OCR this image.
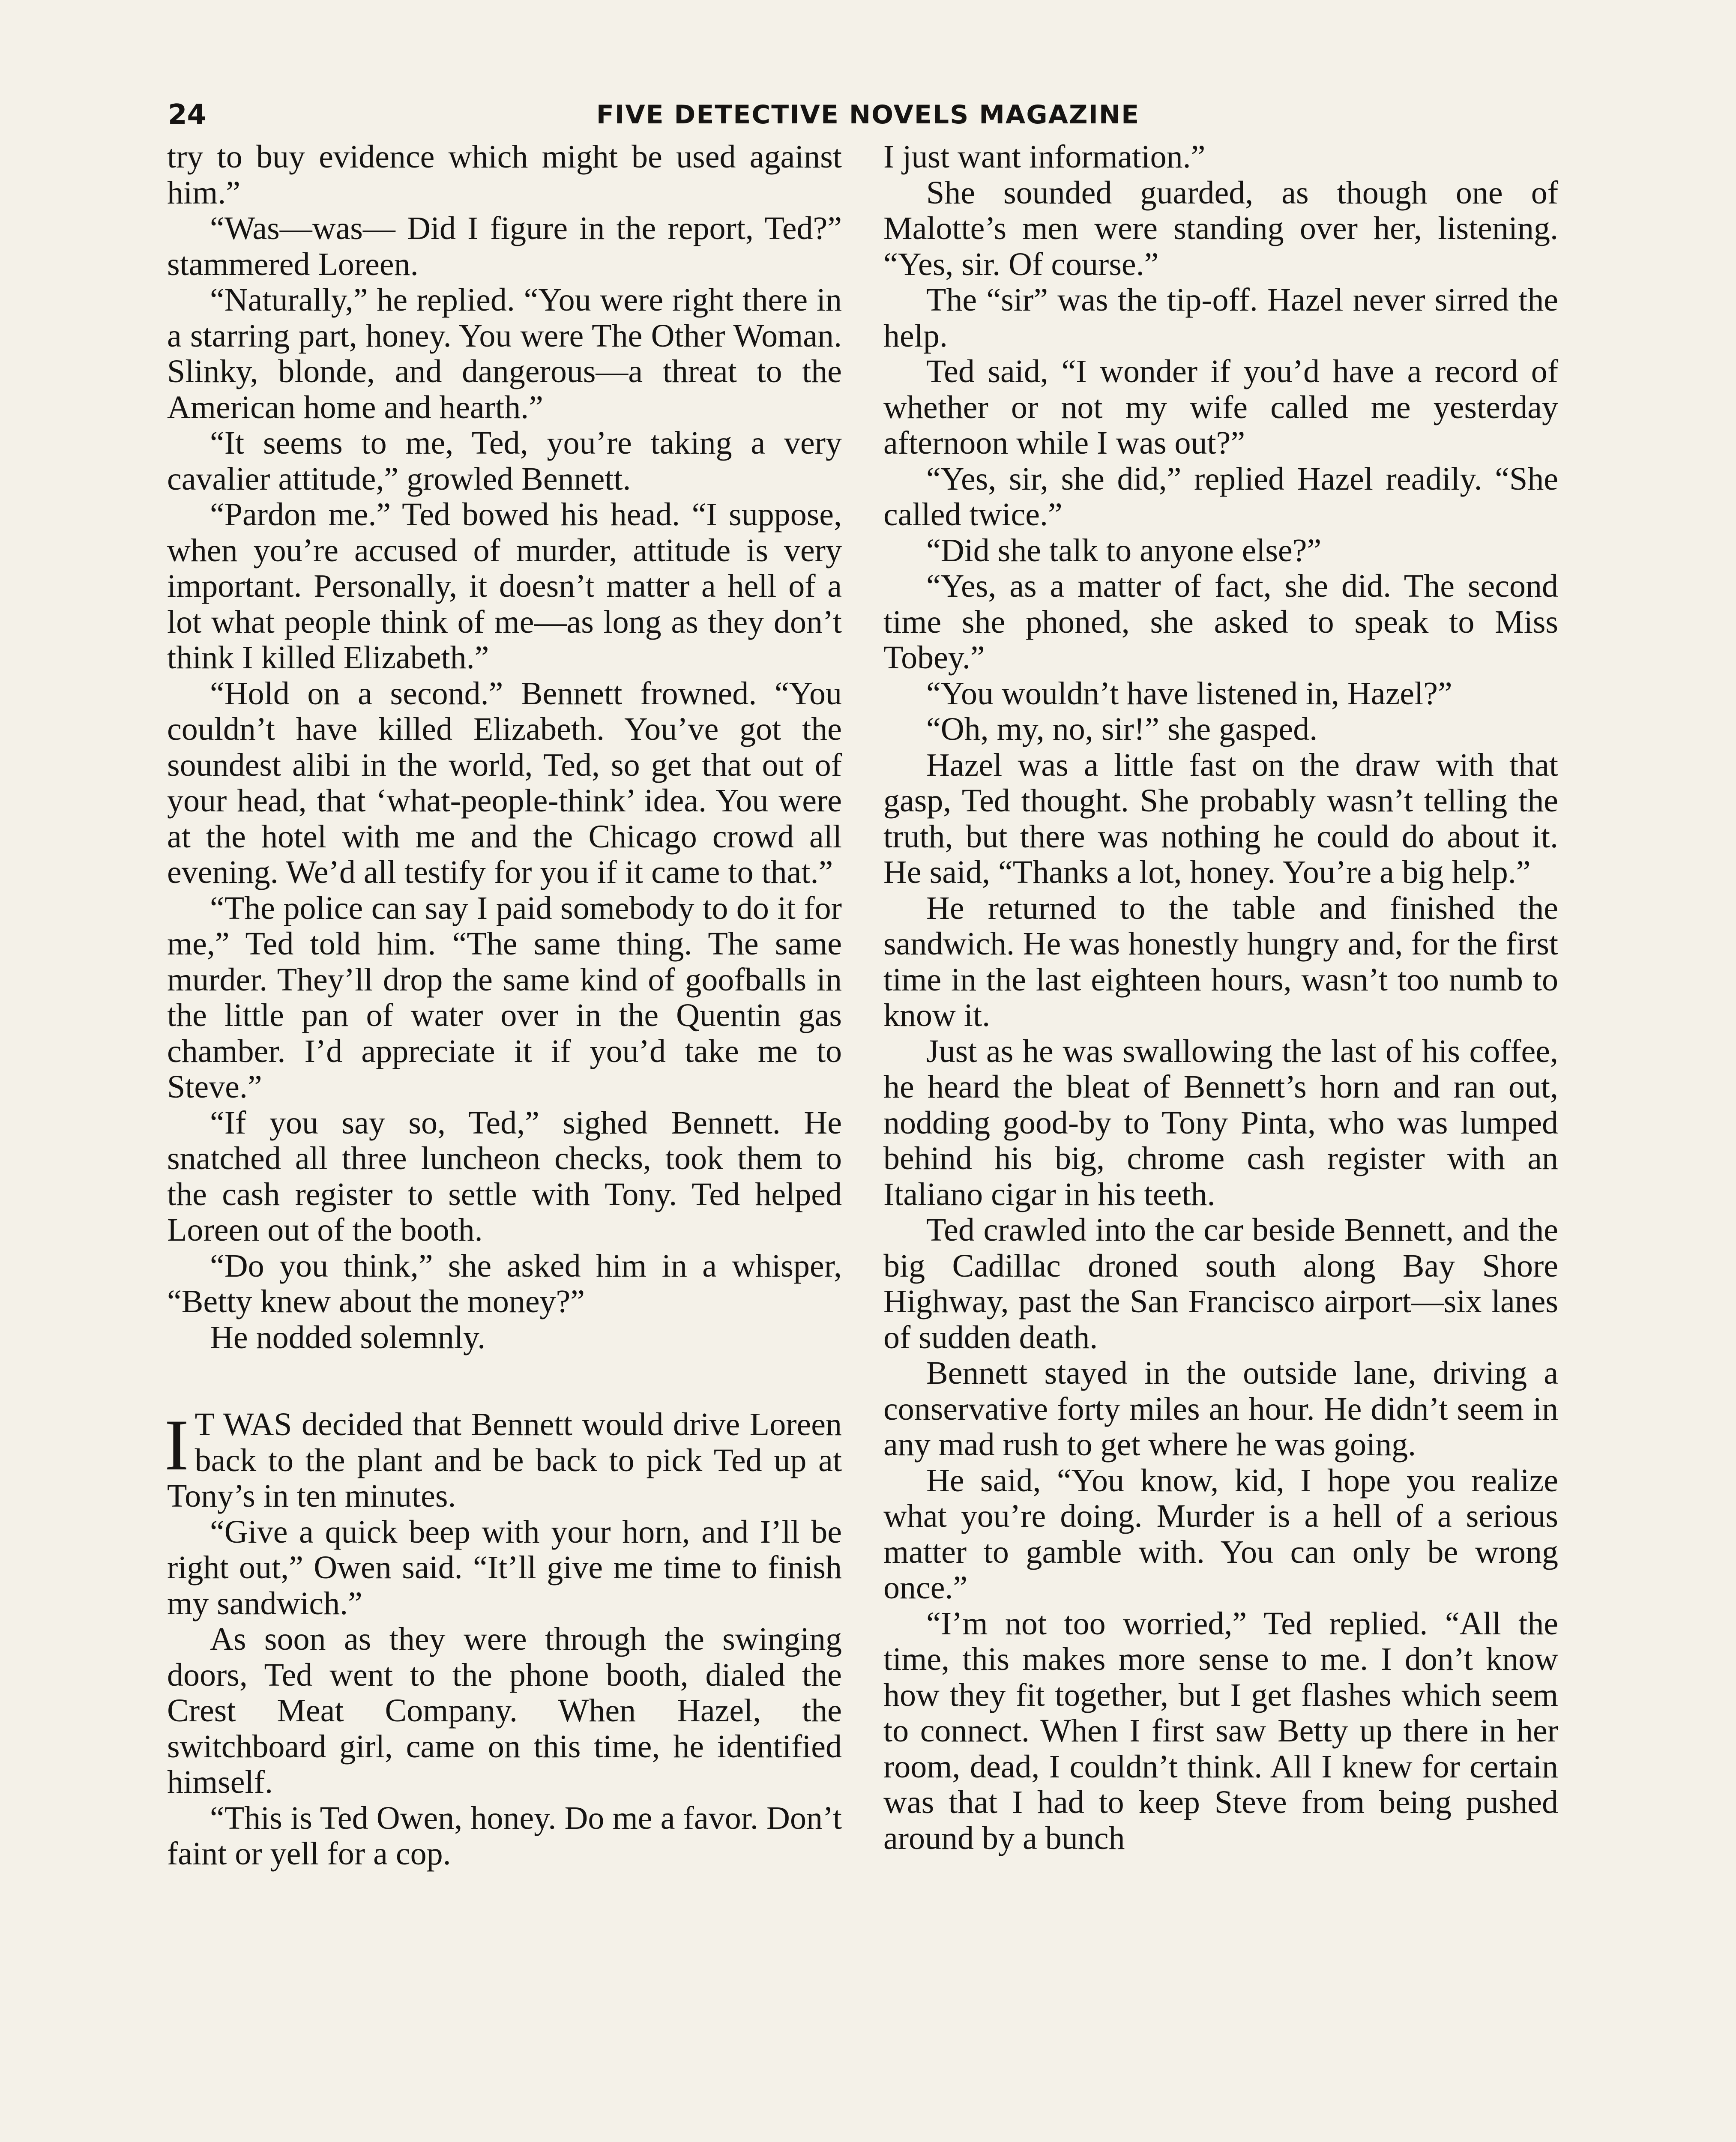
24	FIVE DETECTIVE NOVELS MAGAZINE

try to buy evidence which might be used against him.”

“Was—was— Did I figure in the report, Ted?” stammered Loreen.

“Naturally,” he replied. “You were right there in a starring part, honey. You were The Other Woman. Slinky, blonde, and dangerous—a threat to the American home and hearth.”

“It seems to me, Ted, you’re taking a very cavalier attitude,” growled Bennett.

“Pardon me.” Ted bowed his head. “I suppose, when you’re accused of murder, attitude is very important. Personally, it doesn’t matter a hell of a lot what people think of me—as long as they don’t think I killed Elizabeth.”

“Hold on a second.” Bennett frowned. “You couldn’t have killed Elizabeth. You’ve got the soundest alibi in the world, Ted, so get that out of your head, that ‘what-people-think’ idea. You were at the hotel with me and the Chicago crowd all evening. We’d all testify for you if it came to that.”

“The police can say I paid somebody to do it for me,” Ted told him. “The same thing. The same murder. They’ll drop the same kind of goofballs in the little pan of water over in the Quentin gas chamber. I’d appreciate it if you’d take me to Steve.”

“If you say so, Ted,” sighed Bennett. He snatched all three luncheon checks, took them to the cash register to settle with Tony. Ted helped Loreen out of the booth.

“Do you think,” she asked him in a whisper, “Betty knew about the money?”

He nodded solemnly.

I T WAS decided that Bennett would drive Loreen back to the plant and be back to pick Ted up at Tony’s in ten minutes.

“Give a quick beep with your horn, and I’ll be right out,” Owen said. “It’ll give me time to finish my sandwich.”

As soon as they were through the swinging doors, Ted went to the phone booth, dialed the Crest Meat Company. When Hazel, the switchboard girl, came on this time, he identified himself.

“This is Ted Owen, honey. Do me a favor. Don’t faint or yell for a cop.

I just want information.”

She sounded guarded, as though one of Malotte’s men were standing over her, listening. “Yes, sir. Of course.”

The “sir” was the tip-off. Hazel never sirred the help.

Ted said, “I wonder if you’d have a record of whether or not my wife called me yesterday afternoon while I was out?”

“Yes, sir, she did,” replied Hazel readily. “She called twice.”

“Did she talk to anyone else?”

“Yes, as a matter of fact, she did. The second time she phoned, she asked to speak to Miss Tobey.”

“You wouldn’t have listened in, Hazel?”

“Oh, my, no, sir!” she gasped.

Hazel was a little fast on the draw with that gasp, Ted thought. She probably wasn’t telling the truth, but there was nothing he could do about it. He said, “Thanks a lot, honey. You’re a big help.”

He returned to the table and finished the sandwich. He was honestly hungry and, for the first time in the last eighteen hours, wasn’t too numb to know it.

Just as he was swallowing the last of his coffee, he heard the bleat of Bennett’s horn and ran out, nodding good-by to Tony Pinta, who was lumped behind his big, chrome cash register with an Italiano cigar in his teeth.

Ted crawled into the car beside Bennett, and the big Cadillac droned south along Bay Shore Highway, past the San Francisco airport—six lanes of sudden death.

Bennett stayed in the outside lane, driving a conservative forty miles an hour. He didn’t seem in any mad rush to get where he was going.

He said, “You know, kid, I hope you realize what you’re doing. Murder is a hell of a serious matter to gamble with. You can only be wrong once.”

“I’m not too worried,” Ted replied. “All the time, this makes more sense to me. I don’t know how they fit together, but I get flashes which seem to connect. When I first saw Betty up there in her room, dead, I couldn’t think. All I knew for certain was that I had to keep Steve from being pushed around by a bunch
